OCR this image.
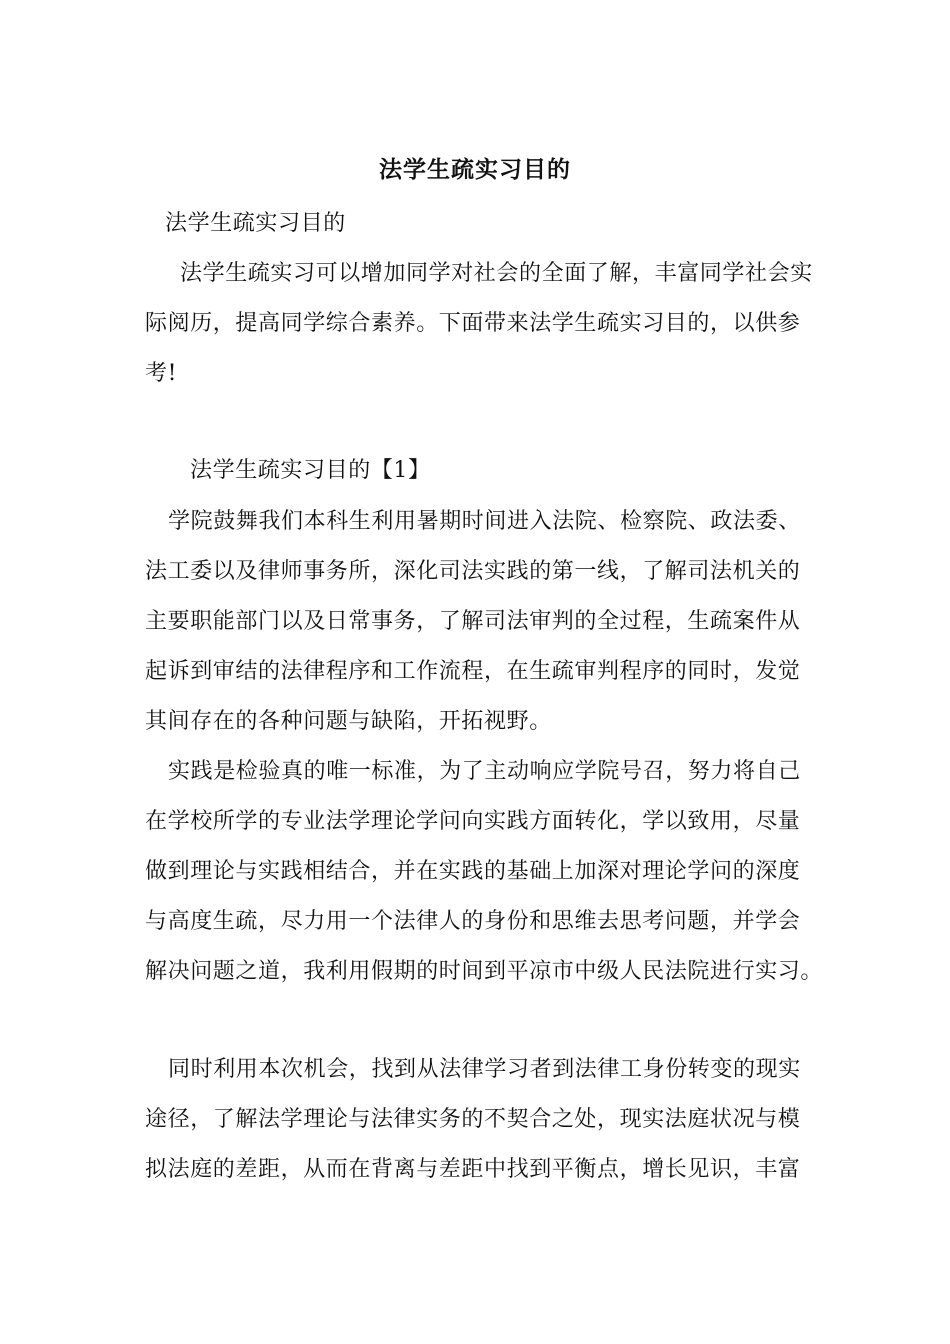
法学生疏实习目的
法学生疏实习目的
法学生疏实习可以增加同学对社会的全面了解，丰富同学社会实
际阅历，提高同学综合素养。下面带来法学生疏实习目的，以供参
考!
法学生疏实习目的【1】
学院鼓舞我们本科生利用暑期时间进入法院、检察院、政法委、
法工委以及律师事务所，深化司法实践的第一线，了解司法机关的
主要职能部门以及日常事务，了解司法审判的全过程，生疏案件从
起诉到审结的法律程序和工作流程，在生疏审判程序的同时，发觉
其间存在的各种问题与缺陷，开拓视野。
实践是检验真的唯一标准，为了主动响应学院号召，努力将自己
在学校所学的专业法学理论学问向实践方面转化，学以致用，尽量
做到理论与实践相结合，并在实践的基础上加深对理论学问的深度
与高度生疏，尽力用一个法律人的身份和思维去思考问题，并学会
解决问题之道，我利用假期的时间到平凉市中级人民法院进行实习。
同时利用本次机会，找到从法律学习者到法律工身份转变的现实
途径，了解法学理论与法律实务的不契合之处，现实法庭状况与模
拟法庭的差距，从而在背离与差距中找到平衡点，增长见识，丰富
